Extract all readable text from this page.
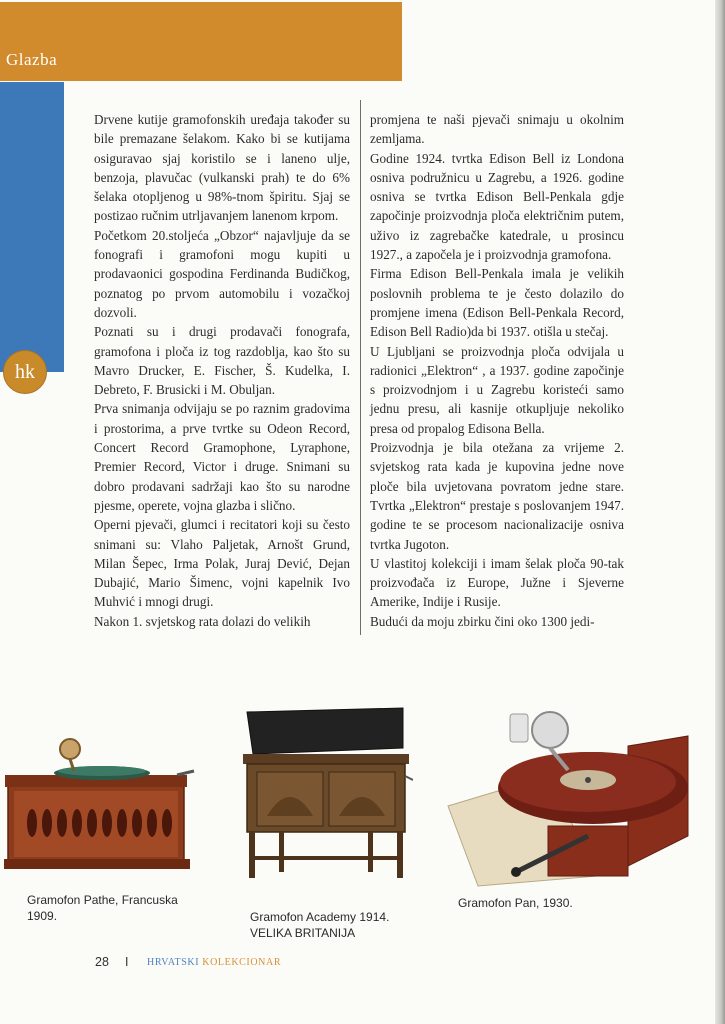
Glazba
hk

Drvene kutije gramofonskih uređaja također su bile premazane šelakom. Kako bi se kutijama osiguravao sjaj koristilo se i laneno ulje, benzoja, plavučac (vulkanski prah) te do 6% šelaka otopljenog u 98%-tnom špiritu. Sjaj se postizao ručnim utrljavanjem lanenom krpom.

Početkom 20.stoljeća „Obzor“ najavljuje da se fonografi i gramofoni mogu kupiti u prodavaonici gospodina Ferdinanda Budičkog, poznatog po prvom automobilu i vozačkoj dozvoli.

Poznati su i drugi prodavači fonografa, gramofona i ploča iz tog razdoblja, kao što su Mavro Drucker, E. Fischer, Š. Kudelka, I. Debreto, F. Brusicki i M. Obuljan.

Prva snimanja odvijaju se po raznim gradovima i prostorima, a prve tvrtke su Odeon Record, Concert Record Gramophone, Lyraphone, Premier Record, Victor i druge. Snimani su dobro prodavani sadržaji kao što su narodne pjesme, operete, vojna glazba i slično.

Operni pjevači, glumci i recitatori koji su često snimani su: Vlaho Paljetak, Arnošt Grund, Milan Šepec, Irma Polak, Juraj Dević, Dejan Dubajić, Mario Šimenc, vojni kapelnik Ivo Muhvić i mnogi drugi.

Nakon 1. svjetskog rata dolazi do velikih

promjena te naši pjevači snimaju u okolnim zemljama.

Godine 1924. tvrtka Edison Bell iz Londona osniva podružnicu u Zagrebu, a 1926. godine osniva se tvrtka Edison Bell-Penkala gdje započinje proizvodnja ploča električnim putem, uživo iz zagrebačke katedrale, u prosincu 1927., a započela je i proizvodnja gramofona.

Firma Edison Bell-Penkala imala je velikih poslovnih problema te je često dolazilo do promjene imena (Edison Bell-Penkala Record, Edison Bell Radio)da bi 1937. otišla u stečaj.

U Ljubljani se proizvodnja ploča odvijala u radionici „Elektron“ , a 1937. godine započinje s proizvodnjom i u Zagrebu koristeći samo jednu presu, ali kasnije otkupljuje nekoliko presa od propalog Edisona Bella.

Proizvodnja je bila otežana za vrijeme 2. svjetskog rata kada je kupovina jedne nove ploče bila uvjetovana povratom jedne stare. Tvrtka „Elektron“ prestaje s poslovanjem 1947. godine te se procesom nacionalizacije osniva tvrtka Jugoton.

U vlastitoj kolekciji i imam šelak ploča 90-tak proizvođača iz Europe, Južne i Sjeverne Amerike, Indije i Rusije.

Budući da moju zbirku čini oko 1300 jedi-

Gramofon Pathe, Francuska
1909.	Gramofon Academy 1914.
VELIKA BRITANIJA
Gramofon Pan, 1930.
28 I HRVATSKI KOLEKCIONAR
